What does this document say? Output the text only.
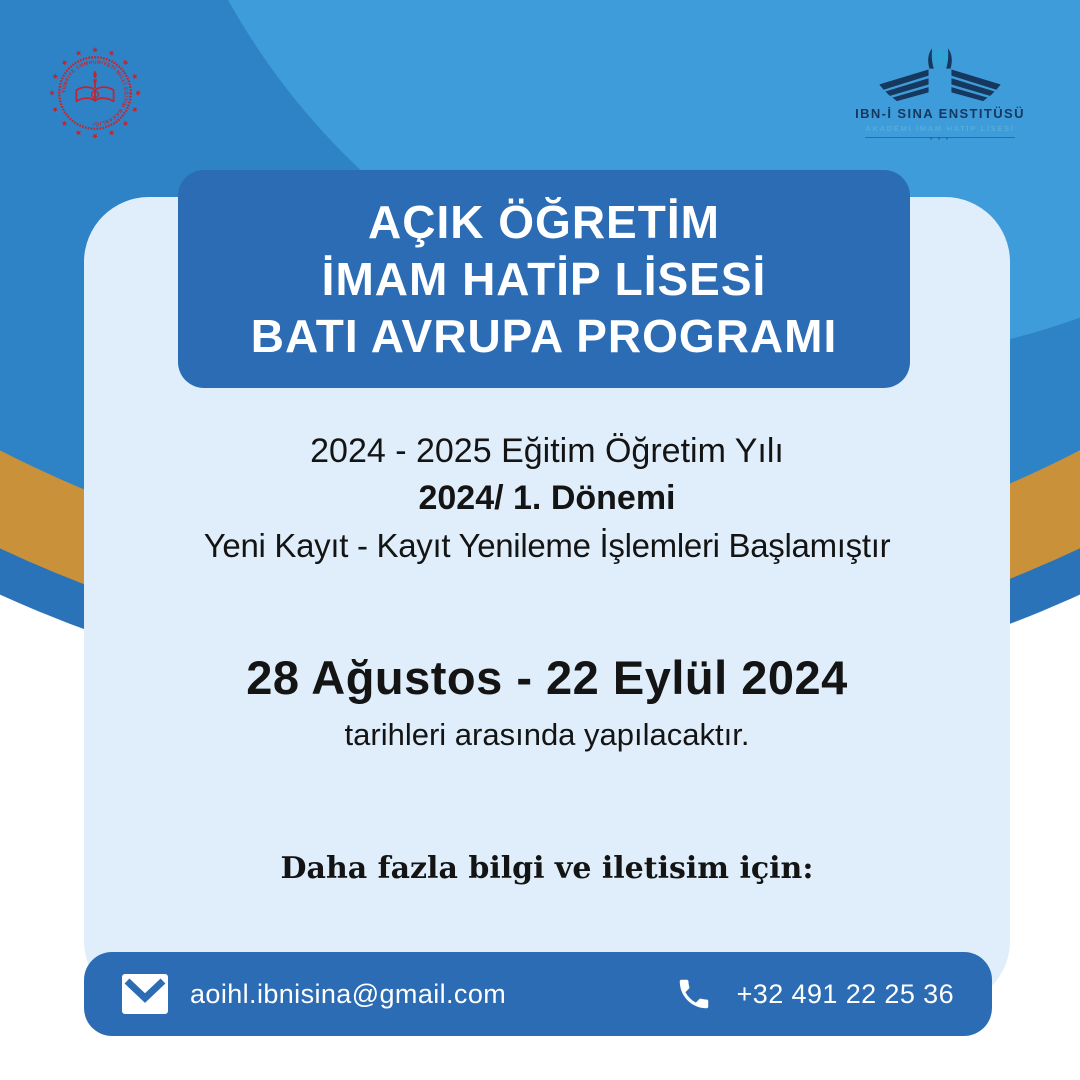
TÜRKİYE CUMHURİYETİ MİLLÎ EĞİTİM BAKANLIĞI
IBN-İ SINA ENSTITÜSÜ
AKADEMİ İMAM HATİP LİSESİ
• • •
AÇIK ÖĞRETİM
İMAM HATİP LİSESİ
BATI AVRUPA PROGRAMI
2024 - 2025 Eğitim Öğretim Yılı
2024/ 1. Dönemi
Yeni Kayıt - Kayıt Yenileme İşlemleri Başlamıştır
28 Ağustos - 22 Eylül 2024
tarihleri arasında yapılacaktır.
Daha fazla bilgi ve iletisim için:
aoihl.ibnisina@gmail.com	+32 491 22 25 36
